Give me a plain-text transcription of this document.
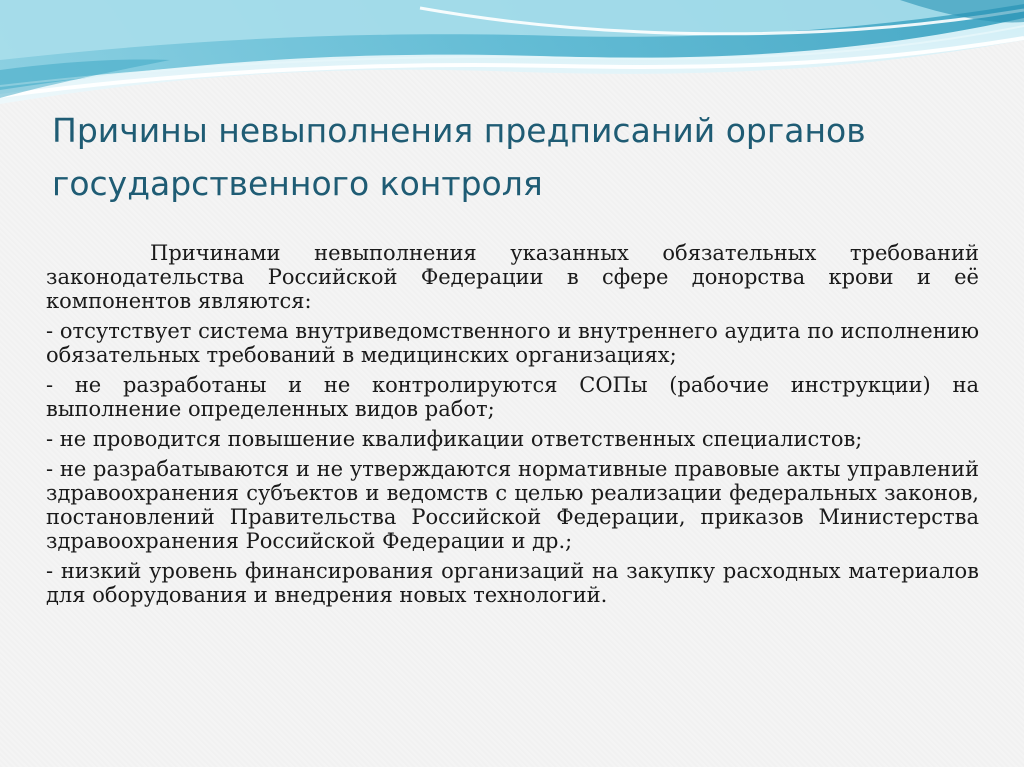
Причины невыполнения предписаний органов государственного контроля

Причинами невыполнения указанных обязательных требований законодательства Российской Федерации в сфере донорства крови и её компонентов являются:

- отсутствует система внутриведомственного и внутреннего аудита по исполнению обязательных требований в медицинских организациях;

- не разработаны и не контролируются СОПы (рабочие инструкции) на выполнение определенных видов работ;

- не проводится повышение квалификации ответственных специалистов;

- не разрабатываются и не утверждаются нормативные правовые акты управлений здравоохранения субъектов и ведомств с целью реализации федеральных законов, постановлений Правительства Российской Федерации, приказов Министерства здравоохранения Российской Федерации и др.;

- низкий уровень финансирования организаций на закупку расходных материалов для оборудования и внедрения новых технологий.
